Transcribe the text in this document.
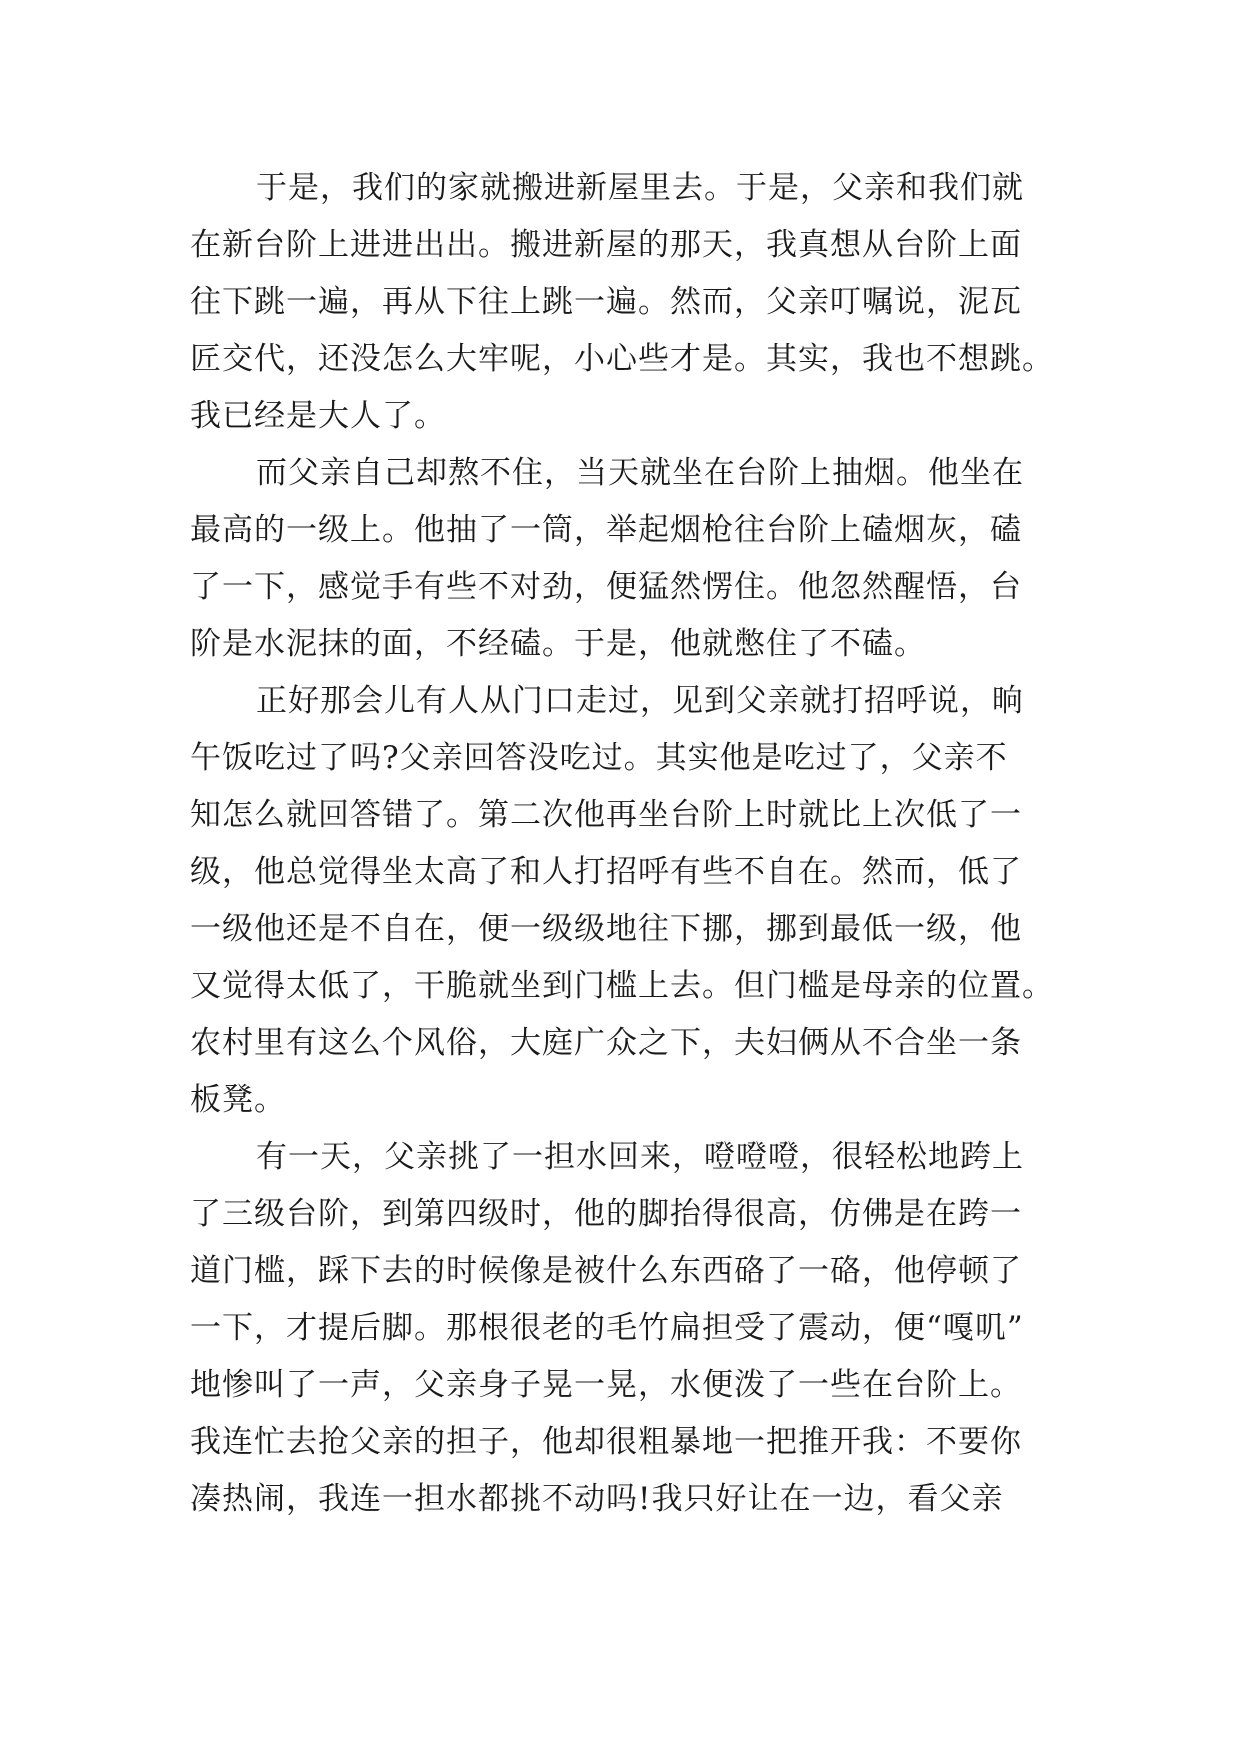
于是，我们的家就搬进新屋里去。于是，父亲和我们就
在新台阶上进进出出。搬进新屋的那天，我真想从台阶上面
往下跳一遍，再从下往上跳一遍。然而，父亲叮嘱说，泥瓦
匠交代，还没怎么大牢呢，小心些才是。其实，我也不想跳。
我已经是大人了。
而父亲自己却熬不住，当天就坐在台阶上抽烟。他坐在
最高的一级上。他抽了一筒，举起烟枪往台阶上磕烟灰，磕
了一下，感觉手有些不对劲，便猛然愣住。他忽然醒悟，台
阶是水泥抹的面，不经磕。于是，他就憋住了不磕。
正好那会儿有人从门口走过，见到父亲就打招呼说，晌
午饭吃过了吗?父亲回答没吃过。其实他是吃过了，父亲不
知怎么就回答错了。第二次他再坐台阶上时就比上次低了一
级，他总觉得坐太高了和人打招呼有些不自在。然而，低了
一级他还是不自在，便一级级地往下挪，挪到最低一级，他
又觉得太低了，干脆就坐到门槛上去。但门槛是母亲的位置。
农村里有这么个风俗，大庭广众之下，夫妇俩从不合坐一条
板凳。
有一天，父亲挑了一担水回来，噔噔噔，很轻松地跨上
了三级台阶，到第四级时，他的脚抬得很高，仿佛是在跨一
道门槛，踩下去的时候像是被什么东西硌了一硌，他停顿了
一下，才提后脚。那根很老的毛竹扁担受了震动，便“嘎叽”
地惨叫了一声，父亲身子晃一晃，水便泼了一些在台阶上。
我连忙去抢父亲的担子，他却很粗暴地一把推开我：不要你
凑热闹，我连一担水都挑不动吗!我只好让在一边，看父亲
